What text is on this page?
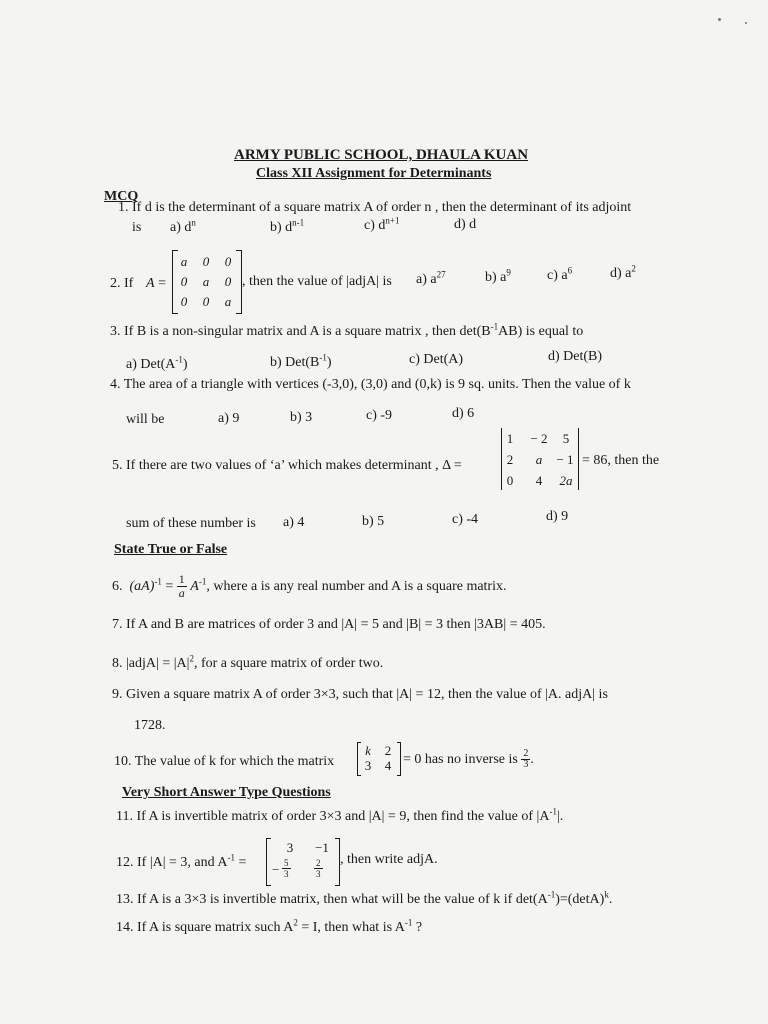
ARMY PUBLIC SCHOOL, DHAULA KUAN
Class XII Assignment for Determinants
MCQ
1. If d is the determinant of a square matrix A of order n , then the determinant of its adjoint
is a) $d^n$	b) $d^{n-1}$	c) $d^{n+1}$	d) d
2. If A =
a	0	0
0	a	0
0	0	a
, then the value of |adjA| is a) $a^{27}$	b) $a^9$	c) $a^6$	d) $a^2$
3. If B is a non-singular matrix and A is a square matrix , then $\det(B^{-1}AB)$ is equal to
a) $Det(A^{-1})$	b) $Det(B^{-1})$	c) Det(A)	d) Det(B)
4. The area of a triangle with vertices (-3,0), (3,0) and (0,k) is 9 sq. units. Then the value of k
will be	a) 9	b) 3	c) -9	d) 6
5. If there are two values of ‘a’ which makes determinant , Δ =
1	− 2	5
2	a	− 1
0	4	2a
= 86, then the
sum of these number is a) 4	b) 5	c) -4	d) 9
State True or False
6. $(aA)^{-1} = \frac{1}{a} A^{-1}$, where a is any real number and A is a square matrix.
7. If A and B are matrices of order 3 and |A| = 5 and |B| = 3 then |3AB| = 405.
8. |adjA| = $|A|^2$, for a square matrix of order two.
9. Given a square matrix A of order 3×3, such that |A| = 12, then the value of |A. adjA| is
1728.
10. The value of k for which the matrix
k	2
3	4 = 0 has no inverse is $\frac{2}{3}$ .
Very Short Answer Type Questions
11. If A is invertible matrix of order 3×3 and |A| = 9, then find the value of $|A^{-1}|$.
12. If |A| = 3, and $A^{-1}$ =
3	−1
− $\frac{5}{3}$	$\frac{2}{3}$ , then write adjA.
13. If A is a 3×3 is invertible matrix, then what will be the value of k if $\det(A^{-1})=(\det A)^k$.
14. If A is square matrix such $A^2 = I$, then what is $A^{-1}$ ?
